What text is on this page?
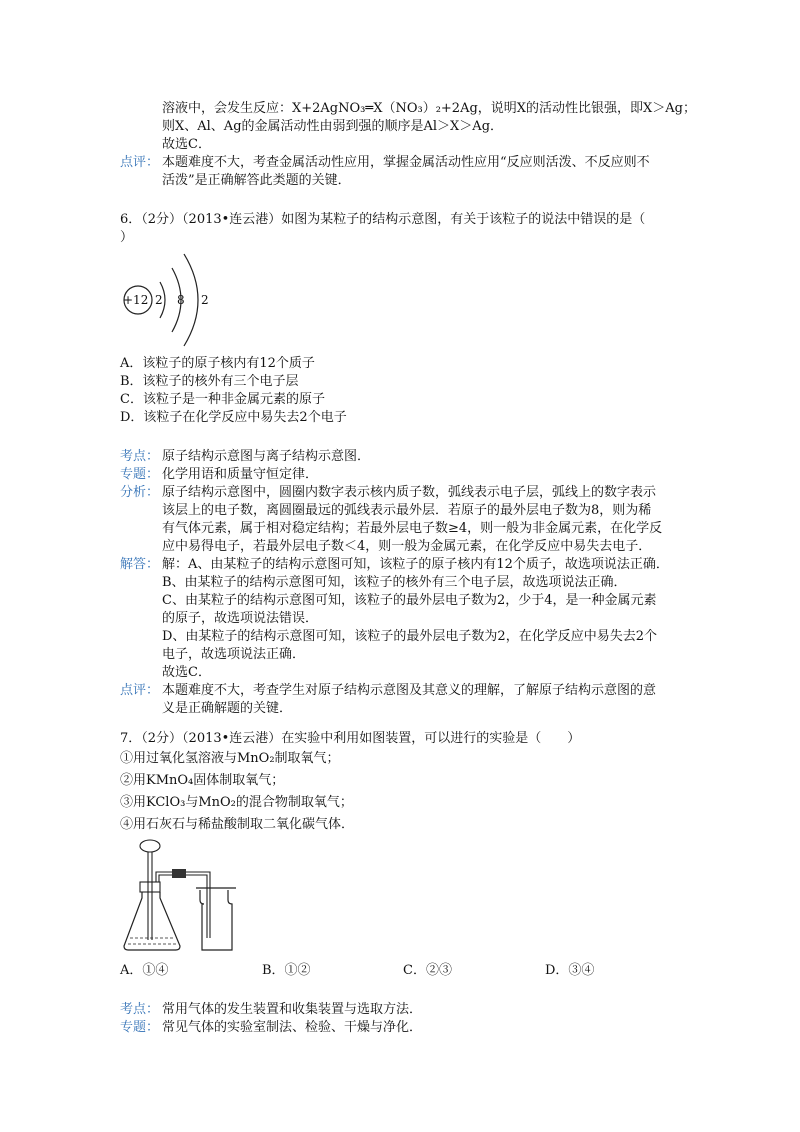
溶液中，会发生反应：X+2AgNO₃═X（NO₃）₂+2Ag，说明X的活动性比银强，即X＞Ag；
则X、Al、Ag的金属活动性由弱到强的顺序是Al＞X＞Ag．
故选C．
点评： 本题难度不大，考查金属活动性应用，掌握金属活动性应用“反应则活泼、不反应则不
活泼”是正确解答此类题的关键．
6．（2分）（2013•连云港）如图为某粒子的结构示意图，有关于该粒子的说法中错误的是（
）
+12 2 8 2
A．该粒子的原子核内有12个质子
B．该粒子的核外有三个电子层
C．该粒子是一种非金属元素的原子
D．该粒子在化学反应中易失去2个电子
考点： 原子结构示意图与离子结构示意图．
专题： 化学用语和质量守恒定律．
分析： 原子结构示意图中，圆圈内数字表示核内质子数，弧线表示电子层，弧线上的数字表示
该层上的电子数，离圆圈最远的弧线表示最外层．若原子的最外层电子数为8，则为稀
有气体元素，属于相对稳定结构；若最外层电子数≥4，则一般为非金属元素，在化学反
应中易得电子，若最外层电子数＜4，则一般为金属元素，在化学反应中易失去电子．
解答： 解：A、由某粒子的结构示意图可知，该粒子的原子核内有12个质子，故选项说法正确．
B、由某粒子的结构示意图可知，该粒子的核外有三个电子层，故选项说法正确．
C、由某粒子的结构示意图可知，该粒子的最外层电子数为2，少于4，是一种金属元素
的原子，故选项说法错误．
D、由某粒子的结构示意图可知，该粒子的最外层电子数为2，在化学反应中易失去2个
电子，故选项说法正确．
故选C．
点评： 本题难度不大，考查学生对原子结构示意图及其意义的理解，了解原子结构示意图的意
义是正确解题的关键．
7．（2分）（2013•连云港）在实验中利用如图装置，可以进行的实验是（　　）
①用过氧化氢溶液与MnO₂制取氧气；
②用KMnO₄固体制取氧气；
③用KClO₃与MnO₂的混合物制取氧气；
④用石灰石与稀盐酸制取二氧化碳气体．
A．①④	B．①②	C．②③	D．③④
考点： 常用气体的发生装置和收集装置与选取方法．
专题： 常见气体的实验室制法、检验、干燥与净化．
